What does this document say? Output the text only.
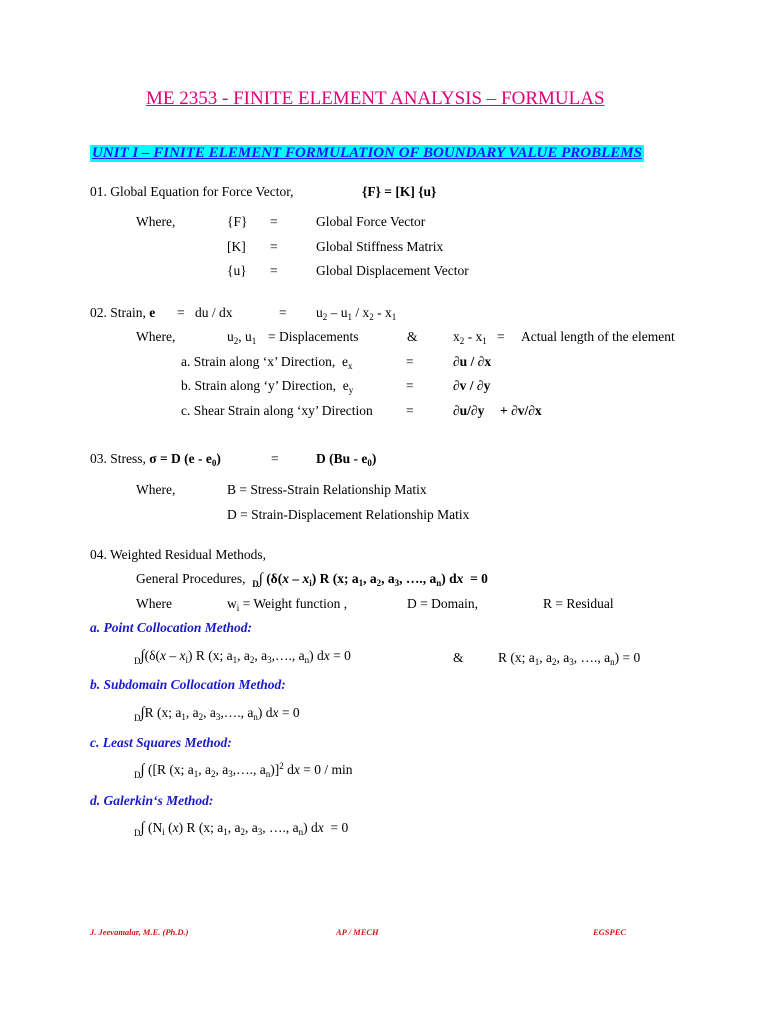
ME 2353 - FINITE ELEMENT ANALYSIS – FORMULAS
UNIT I – FINITE ELEMENT FORMULATION OF BOUNDARY VALUE PROBLEMS
01. Global Equation for Force Vector,	{F} = [K] {u}
Where,	{F} =	Global Force Vector
[K] =	Global Stiffness Matrix
{u} =	Global Displacement Vector
02. Strain, e = du / dx	= $u_2 - u_1 / x_2 - x_1$
Where,	$u_2$, $u_1$ = Displacements	&	$x_2 - x_1$ = Actual length of the element
a. Strain along ‘x’ Direction,  $e_x$	=	∂u / ∂x
b. Strain along ‘y’ Direction,  $e_y$	=	∂v / ∂y
c. Shear Strain along ‘xy’ Direction =	∂u/∂y + ∂v/∂x
03. Stress, σ = D $(e - e_0)$	=	D $(Bu - e_0)$
Where,	B = Stress-Strain Relationship Matix
D = Strain-Displacement Relationship Matix
04. Weighted Residual Methods,
General Procedures, $_D$∫ ($\delta(x - x_i)$ R (x; $a_1$, $a_2$, $a_3$, …., $a_n$) dx  = 0
Where	$w_i$ = Weight function ,	D = Domain,	R = Residual
a. Point Collocation Method:
$_D\int(\delta(x - x_i)$ R (x; $a_1$, $a_2$, $a_3,\dots$., $a_n$) dx = 0	&	R (x; $a_1$, $a_2$, $a_3$, …., $a_n) = 0$
b. Subdomain Collocation Method:
$_D$∫R (x; $a_1$, $a_2$, $a_3,\dots$., $a_n$) dx = 0
c. Least Squares Method:
$_D$∫ ([R (x; $a_1$, $a_2$, $a_3,\dots$., $a_n)]^2$ dx = 0 / min
d. Galerkin‘s Method:
$_D$∫ ($N_i$ (x) R (x; $a_1$, $a_2$, $a_3$, …., $a_n$) dx  = 0
J. Jeevamalar, M.E. (Ph.D.)	AP / MECH	EGSPEC
